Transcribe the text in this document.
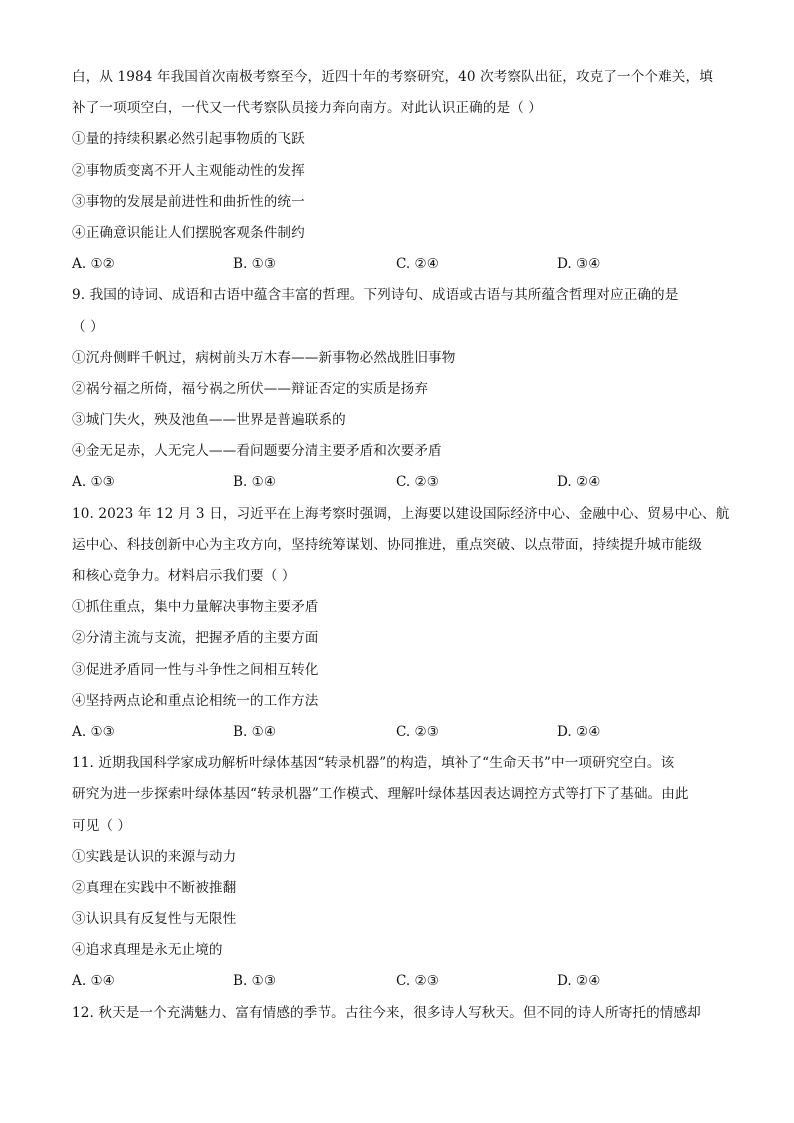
白，从 1984 年我国首次南极考察至今，近四十年的考察研究，40 次考察队出征，攻克了一个个难关，填
补了一项项空白，一代又一代考察队员接力奔向南方。对此认识正确的是（ ）
①量的持续积累必然引起事物质的飞跃
②事物质变离不开人主观能动性的发挥
③事物的发展是前进性和曲折性的统一
④正确意识能让人们摆脱客观条件制约
A. ①②	B. ①③	C. ②④	D. ③④
9. 我国的诗词、成语和古语中蕴含丰富的哲理。下列诗句、成语或古语与其所蕴含哲理对应正确的是
（ ）
①沉舟侧畔千帆过，病树前头万木春——新事物必然战胜旧事物
②祸兮福之所倚，福兮祸之所伏——辩证否定的实质是扬弃
③城门失火，殃及池鱼——世界是普遍联系的
④金无足赤，人无完人——看问题要分清主要矛盾和次要矛盾
A. ①③	B. ①④	C. ②③	D. ②④
10. 2023 年 12 月 3 日，习近平在上海考察时强调，上海要以建设国际经济中心、金融中心、贸易中心、航
运中心、科技创新中心为主攻方向，坚持统筹谋划、协同推进，重点突破、以点带面，持续提升城市能级
和核心竞争力。材料启示我们要（ ）
①抓住重点，集中力量解决事物主要矛盾
②分清主流与支流，把握矛盾的主要方面
③促进矛盾同一性与斗争性之间相互转化
④坚持两点论和重点论相统一的工作方法
A. ①③	B. ①④	C. ②③	D. ②④
11. 近期我国科学家成功解析叶绿体基因“转录机器”的构造，填补了“生命天书”中一项研究空白。该
研究为进一步探索叶绿体基因“转录机器”工作模式、理解叶绿体基因表达调控方式等打下了基础。由此
可见（ ）
①实践是认识的来源与动力
②真理在实践中不断被推翻
③认识具有反复性与无限性
④追求真理是永无止境的
A. ①④	B. ①③	C. ②③	D. ②④
12. 秋天是一个充满魅力、富有情感的季节。古往今来，很多诗人写秋天。但不同的诗人所寄托的情感却
